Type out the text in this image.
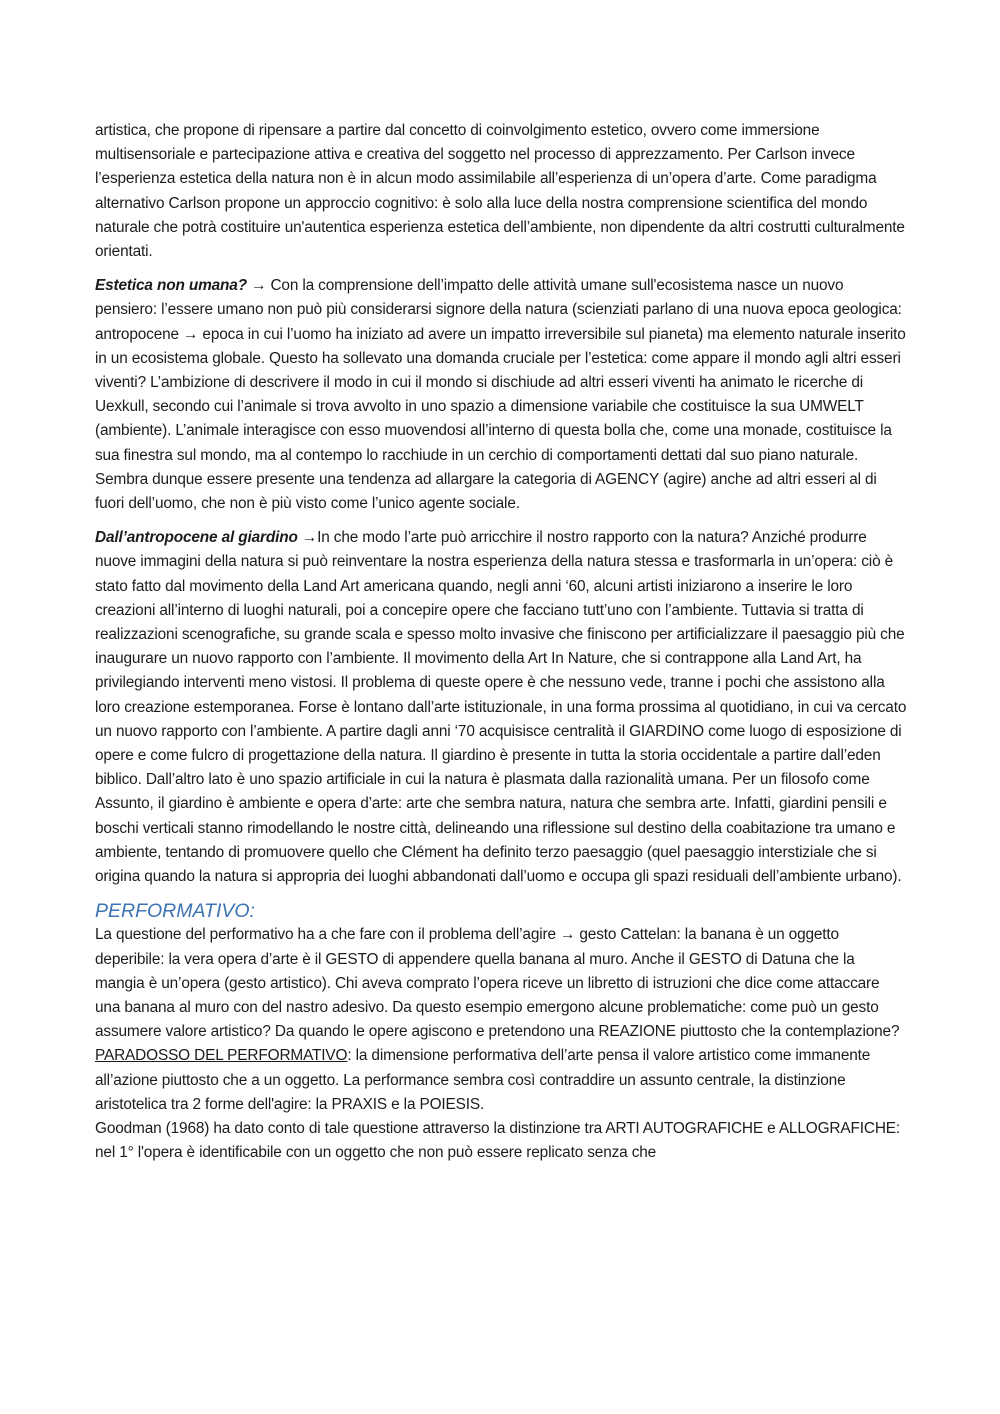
artistica, che propone di ripensare a partire dal concetto di coinvolgimento estetico, ovvero come immersione multisensoriale e partecipazione attiva e creativa del soggetto nel processo di apprezzamento. Per Carlson invece l’esperienza estetica della natura non è in alcun modo assimilabile all’esperienza di un’opera d’arte. Come paradigma alternativo Carlson propone un approccio cognitivo: è solo alla luce della nostra comprensione scientifica del mondo naturale che potrà costituire un'autentica esperienza estetica dell’ambiente, non dipendente da altri costrutti culturalmente orientati.

Estetica non umana? → Con la comprensione dell’impatto delle attività umane sull'ecosistema nasce un nuovo pensiero: l’essere umano non può più considerarsi signore della natura (scienziati parlano di una nuova epoca geologica: antropocene → epoca in cui l’uomo ha iniziato ad avere un impatto irreversibile sul pianeta) ma elemento naturale inserito in un ecosistema globale. Questo ha sollevato una domanda cruciale per l’estetica: come appare il mondo agli altri esseri viventi? L’ambizione di descrivere il modo in cui il mondo si dischiude ad altri esseri viventi ha animato le ricerche di Uexkull, secondo cui l’animale si trova avvolto in uno spazio a dimensione variabile che costituisce la sua UMWELT (ambiente). L’animale interagisce con esso muovendosi all’interno di questa bolla che, come una monade, costituisce la sua finestra sul mondo, ma al contempo lo racchiude in un cerchio di comportamenti dettati dal suo piano naturale. Sembra dunque essere presente una tendenza ad allargare la categoria di AGENCY (agire) anche ad altri esseri al di fuori dell’uomo, che non è più visto come l’unico agente sociale.

Dall’antropocene al giardino →In che modo l’arte può arricchire il nostro rapporto con la natura? Anziché produrre nuove immagini della natura si può reinventare la nostra esperienza della natura stessa e trasformarla in un’opera: ciò è stato fatto dal movimento della Land Art americana quando, negli anni ‘60, alcuni artisti iniziarono a inserire le loro creazioni all’interno di luoghi naturali, poi a concepire opere che facciano tutt’uno con l’ambiente. Tuttavia si tratta di realizzazioni scenografiche, su grande scala e spesso molto invasive che finiscono per artificializzare il paesaggio più che inaugurare un nuovo rapporto con l’ambiente. Il movimento della Art In Nature, che si contrappone alla Land Art, ha privilegiando interventi meno vistosi. Il problema di queste opere è che nessuno vede, tranne i pochi che assistono alla loro creazione estemporanea. Forse è lontano dall’arte istituzionale, in una forma prossima al quotidiano, in cui va cercato un nuovo rapporto con l’ambiente. A partire dagli anni ‘70 acquisisce centralità il GIARDINO come luogo di esposizione di opere e come fulcro di progettazione della natura. Il giardino è presente in tutta la storia occidentale a partire dall’eden biblico. Dall’altro lato è uno spazio artificiale in cui la natura è plasmata dalla razionalità umana. Per un filosofo come Assunto, il giardino è ambiente e opera d’arte: arte che sembra natura, natura che sembra arte. Infatti, giardini pensili e boschi verticali stanno rimodellando le nostre città, delineando una riflessione sul destino della coabitazione tra umano e ambiente, tentando di promuovere quello che Clément ha definito terzo paesaggio (quel paesaggio interstiziale che si origina quando la natura si appropria dei luoghi abbandonati dall’uomo e occupa gli spazi residuali dell’ambiente urbano).

PERFORMATIVO:

La questione del performativo ha a che fare con il problema dell’agire → gesto Cattelan: la banana è un oggetto deperibile: la vera opera d’arte è il GESTO di appendere quella banana al muro. Anche il GESTO di Datuna che la mangia è un’opera (gesto artistico). Chi aveva comprato l’opera riceve un libretto di istruzioni che dice come attaccare una banana al muro con del nastro adesivo. Da questo esempio emergono alcune problematiche: come può un gesto assumere valore artistico? Da quando le opere agiscono e pretendono una REAZIONE piuttosto che la contemplazione? PARADOSSO DEL PERFORMATIVO: la dimensione performativa dell’arte pensa il valore artistico come immanente all’azione piuttosto che a un oggetto. La performance sembra così contraddire un assunto centrale, la distinzione aristotelica tra 2 forme dell'agire: la PRAXIS e la POIESIS.

Goodman (1968) ha dato conto di tale questione attraverso la distinzione tra ARTI AUTOGRAFICHE e ALLOGRAFICHE: nel 1° l'opera è identificabile con un oggetto che non può essere replicato senza che
